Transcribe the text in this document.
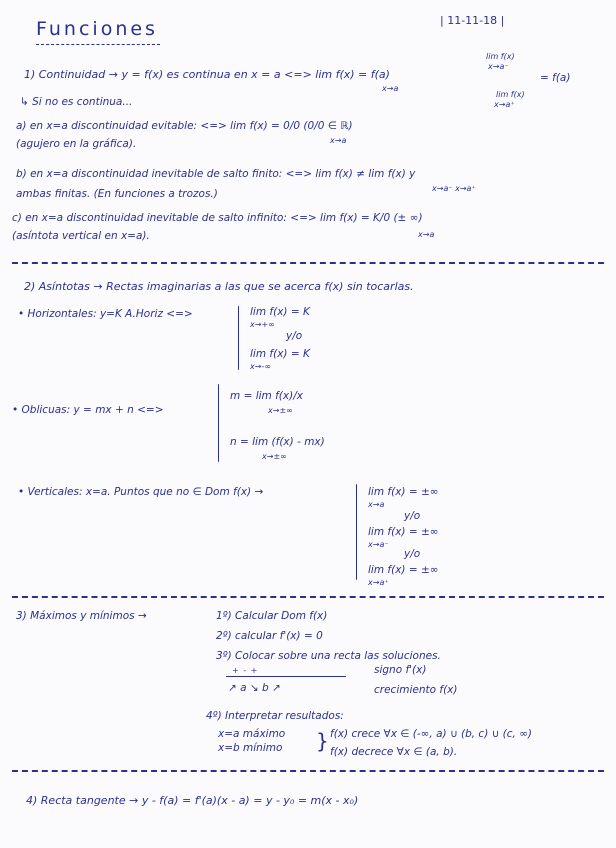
Funciones	| 11-11-18 |
1) Continuidad → y = f(x) es continua en x = a <=> lim f(x) = f(a)
x→a
lim f(x)
x→a⁻
= f(a)
lim f(x)
x→a⁺
↳ Si no es continua...
a) en x=a discontinuidad evitable: <=> lim f(x) = 0/0 (0/0 ∈ ℝ)
x→a
(agujero en la gráfica).
b) en x=a discontinuidad inevitable de salto finito: <=> lim f(x) ≠ lim f(x) y
x→a⁻ x→a⁺
ambas finitas. (En funciones a trozos.)
c) en x=a discontinuidad inevitable de salto infinito: <=> lim f(x) = K/0 (± ∞)
x→a
(asíntota vertical en x=a).
2) Asíntotas → Rectas imaginarias a las que se acerca f(x) sin tocarlas.
• Horizontales: y=K A.Horiz <=>	lim f(x) = K
x→+∞
y/o
lim f(x) = K
x→-∞
• Oblicuas: y = mx + n <=>
m = lim f(x)/x
x→±∞
n = lim (f(x) - mx)
x→±∞
• Verticales: x=a. Puntos que no ∈ Dom f(x) →	lim f(x) = ±∞
x→a
y/o
lim f(x) = ±∞
x→a⁻
y/o
lim f(x) = ±∞
x→a⁺
3) Máximos y mínimos →	1º) Calcular Dom f(x)
2º) calcular f'(x) = 0
3º) Colocar sobre una recta las soluciones.
+ - +
↗ a ↘ b ↗
signo f'(x)
crecimiento f(x)
4º) Interpretar resultados:
x=a máximo
x=b mínimo } f(x) crece ∀x ∈ (-∞, a) ∪ (b, c) ∪ (c, ∞)
f(x) decrece ∀x ∈ (a, b).
4) Recta tangente → y - f(a) = f'(a)(x - a) = y - y₀ = m(x - x₀)
